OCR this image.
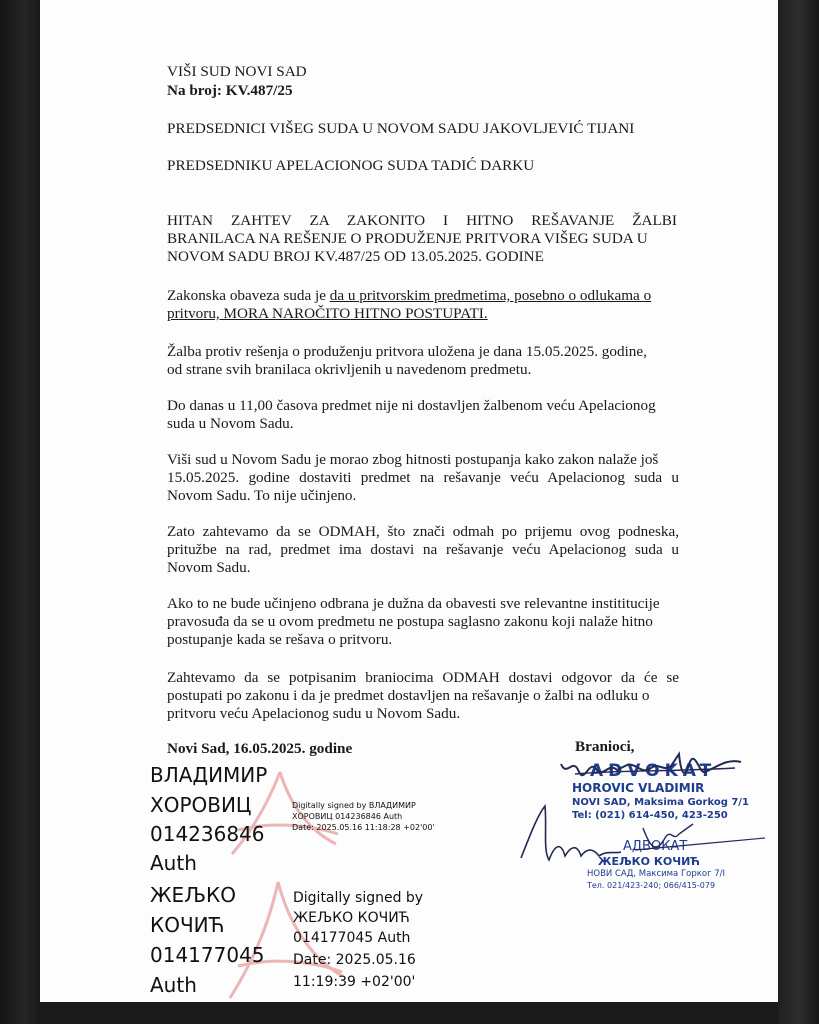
VIŠI SUD NOVI SAD
Na broj: KV.487/25
PREDSEDNICI VIŠEG SUDA U NOVOM SADU JAKOVLJEVIĆ TIJANI
PREDSEDNIKU APELACIONOG SUDA TADIĆ DARKU
HITAN ZAHTEV ZA ZAKONITO I HITNO REŠAVANJE ŽALBI
BRANILACA NA REŠENJE O PRODUŽENJE PRITVORA VIŠEG SUDA U
NOVOM SADU BROJ KV.487/25 OD 13.05.2025. GODINE
Zakonska obaveza suda je da u pritvorskim predmetima, posebno o odlukama o
pritvoru, MORA NAROČITO HITNO POSTUPATI.
Žalba protiv rešenja o produženju pritvora uložena je dana 15.05.2025. godine,
od strane svih branilaca okrivljenih u navedenom predmetu.
Do danas u 11,00 časova predmet nije ni dostavljen žalbenom veću Apelacionog
suda u Novom Sadu.
Viši sud u Novom Sadu je morao zbog hitnosti postupanja kako zakon nalaže još
15.05.2025. godine dostaviti predmet na rešavanje veću Apelacionog suda u
Novom Sadu. To nije učinjeno.
Zato zahtevamo da se ODMAH, što znači odmah po prijemu ovog podneska,
pritužbe na rad, predmet ima dostavi na rešavanje veću Apelacionog suda u
Novom Sadu.
Ako to ne bude učinjeno odbrana je dužna da obavesti sve relevantne instititucije
pravosuđa da se u ovom predmetu ne postupa saglasno zakonu koji nalaže hitno
postupanje kada se rešava o pritvoru.
Zahtevamo da se potpisanim braniocima ODMAH dostavi odgovor da će se
postupati po zakonu i da je predmet dostavljen na rešavanje o žalbi na odluku o
pritvoru veću Apelacionog sudu u Novom Sadu.
Novi Sad, 16.05.2025. godine	Branioci,
ВЛАДИМИР
ХОРОВИЦ
014236846
Auth
Digitally signed by ВЛАДИМИР
ХОРОВИЦ 014236846 Auth
Date: 2025.05.16 11:18:28 +02'00'
ЖЕЉКО
КОЧИЋ
014177045
Auth
Digitally signed by
ЖЕЉКО КОЧИЋ
014177045 Auth
Date: 2025.05.16
11:19:39 +02'00'
ADVOKAT
HOROVIC VLADIMIR
NOVI SAD, Maksima Gorkog 7/1
Tel: (021) 614-450, 423-250
АДВОКАТ
ЖЕЉКО КОЧИЋ
НОВИ САД, Максима Горког 7/I
Тел. 021/423-240; 066/415-079
